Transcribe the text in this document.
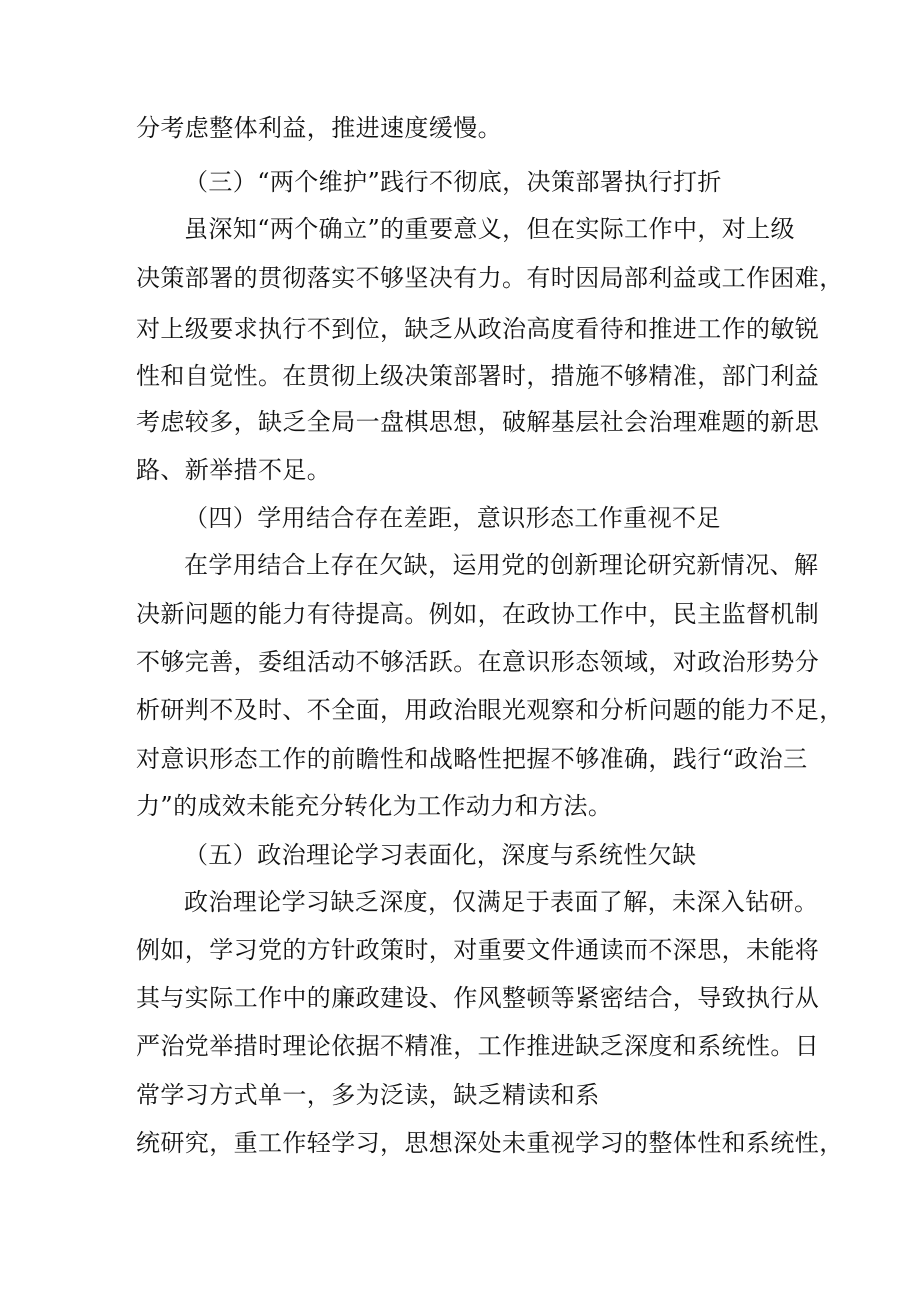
分考虑整体利益，推进速度缓慢。

（三）“两个维护”践行不彻底，决策部署执行打折

虽深知“两个确立”的重要意义，但在实际工作中，对上级

决策部署的贯彻落实不够坚决有力。有时因局部利益或工作困难，

对上级要求执行不到位，缺乏从政治高度看待和推进工作的敏锐

性和自觉性。在贯彻上级决策部署时，措施不够精准，部门利益

考虑较多，缺乏全局一盘棋思想，破解基层社会治理难题的新思

路、新举措不足。

（四）学用结合存在差距，意识形态工作重视不足

在学用结合上存在欠缺，运用党的创新理论研究新情况、解

决新问题的能力有待提高。例如，在政协工作中，民主监督机制

不够完善，委组活动不够活跃。在意识形态领域，对政治形势分

析研判不及时、不全面，用政治眼光观察和分析问题的能力不足，

对意识形态工作的前瞻性和战略性把握不够准确，践行“政治三

力”的成效未能充分转化为工作动力和方法。

（五）政治理论学习表面化，深度与系统性欠缺

政治理论学习缺乏深度，仅满足于表面了解，未深入钻研。

例如，学习党的方针政策时，对重要文件通读而不深思，未能将

其与实际工作中的廉政建设、作风整顿等紧密结合，导致执行从

严治党举措时理论依据不精准，工作推进缺乏深度和系统性。日

常学习方式单一，多为泛读，缺乏精读和系

统研究，重工作轻学习，思想深处未重视学习的整体性和系统性，
